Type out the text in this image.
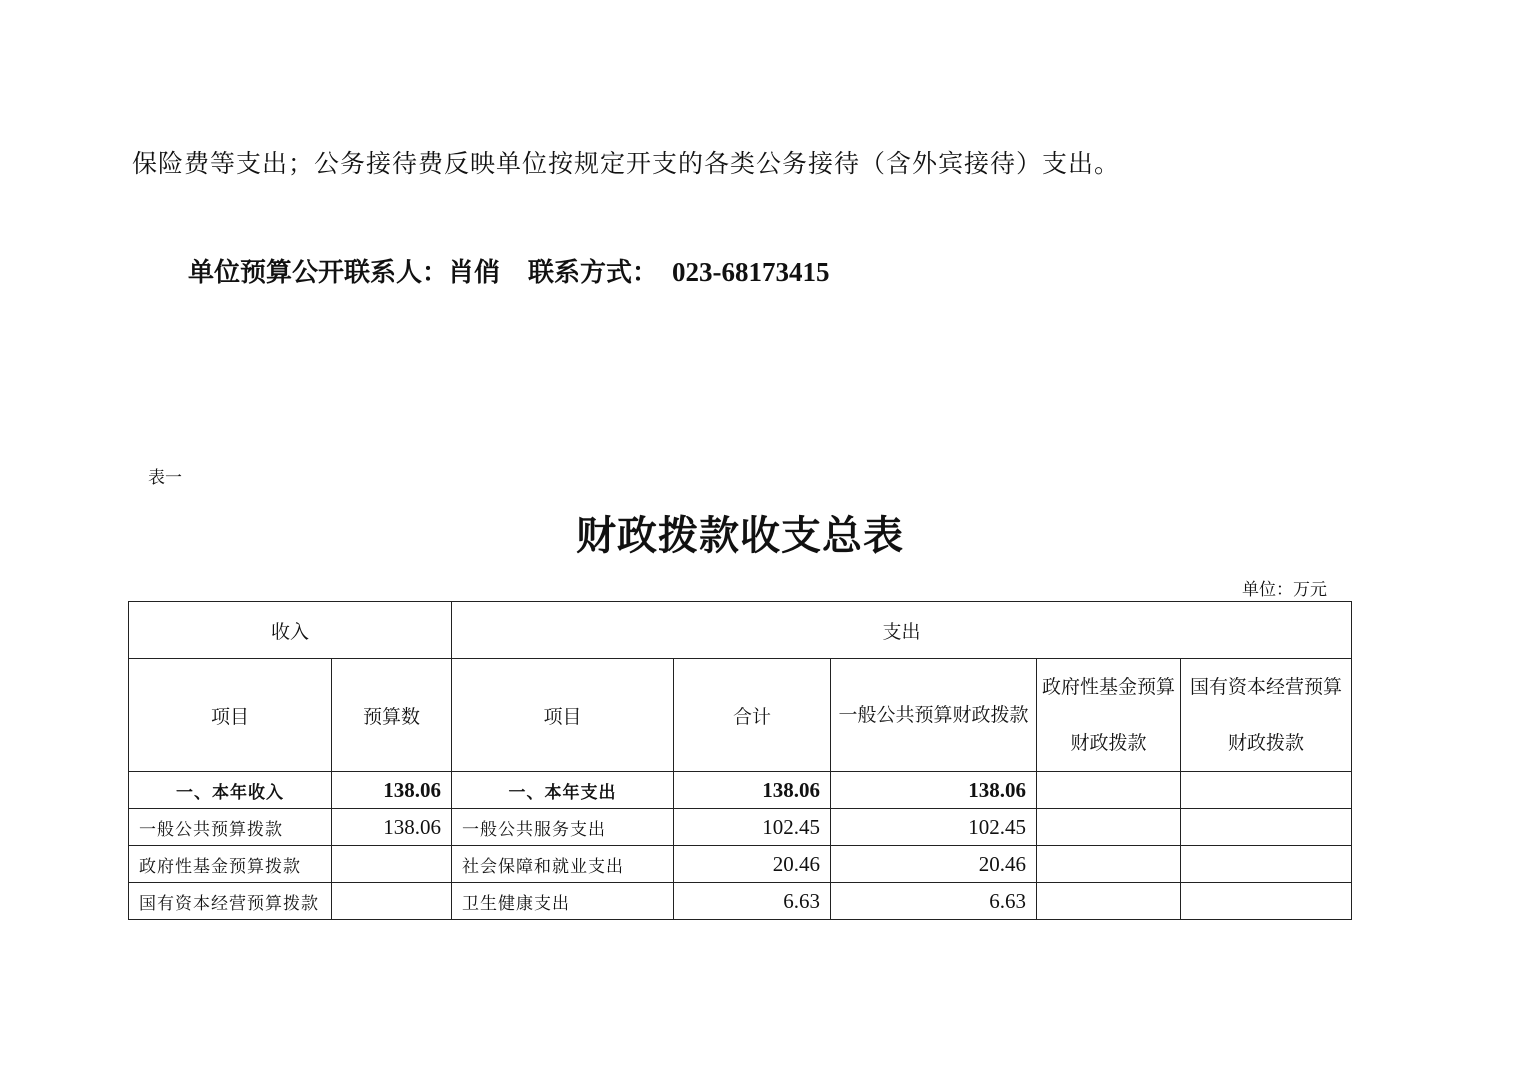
保险费等支出；公务接待费反映单位按规定开支的各类公务接待（含外宾接待）支出。
单位预算公开联系人：肖俏 联系方式： 023-68173415
表一
财政拨款收支总表
单位：万元
收入		支出				
项目	预算数	项目	合计	一般公共预算财政拨款	政府性基金预算财政拨款	国有资本经营预算财政拨款
一、本年收入	138.06	一、本年支出	138.06	138.06		
一般公共预算拨款	138.06	一般公共服务支出	102.45	102.45		
政府性基金预算拨款		社会保障和就业支出	20.46	20.46		
国有资本经营预算拨款		卫生健康支出	6.63	6.63		
